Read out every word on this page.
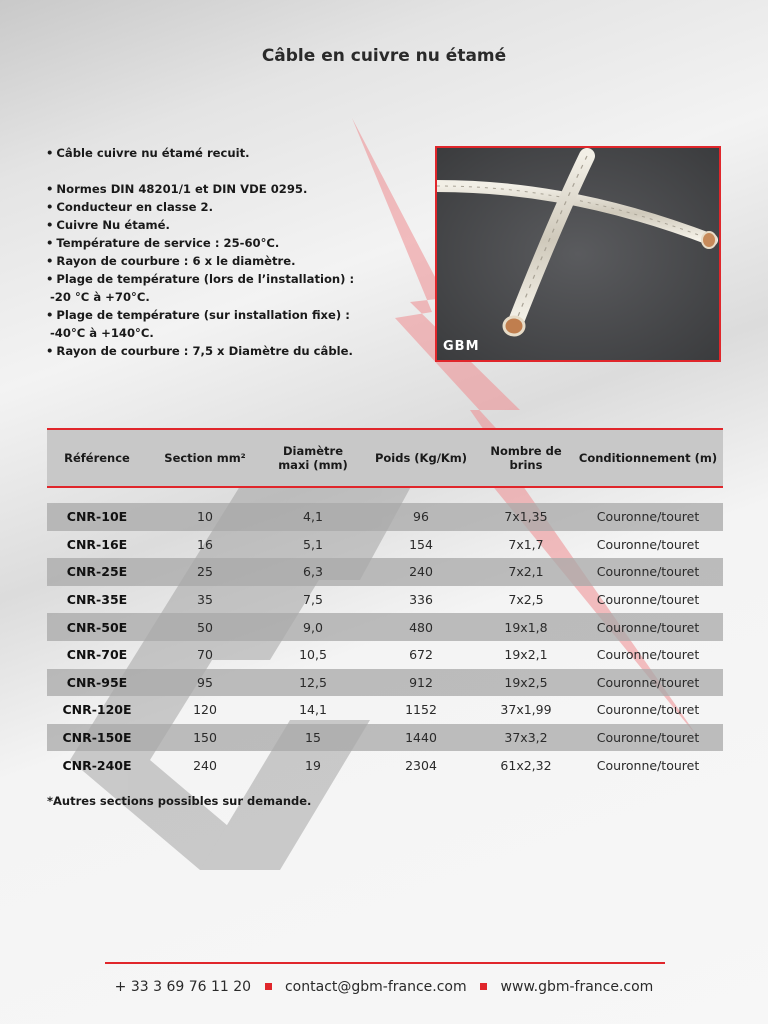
Câble en cuivre nu étamé
• Câble cuivre nu étamé recuit.
• Normes DIN 48201/1 et DIN VDE 0295.
• Conducteur en classe 2.
• Cuivre Nu étamé.
• Température de service : 25-60°C.
• Rayon de courbure : 6 x le diamètre.
• Plage de température (lors de l’installation) :
-20 °C à +70°C.
• Plage de température (sur installation fixe) :
-40°C à +140°C.
• Rayon de courbure : 7,5 x Diamètre du câble.	GBM
Référence	Section mm²	Diamètre maxi (mm)	Poids (Kg/Km)	Nombre de brins	Conditionnement (m)

CNR-10E	10	4,1	96	7x1,35	Couronne/touret
CNR-16E	16	5,1	154	7x1,7	Couronne/touret
CNR-25E	25	6,3	240	7x2,1	Couronne/touret
CNR-35E	35	7,5	336	7x2,5	Couronne/touret
CNR-50E	50	9,0	480	19x1,8	Couronne/touret
CNR-70E	70	10,5	672	19x2,1	Couronne/touret
CNR-95E	95	12,5	912	19x2,5	Couronne/touret
CNR-120E	120	14,1	1152	37x1,99	Couronne/touret
CNR-150E	150	15	1440	37x3,2	Couronne/touret
CNR-240E	240	19	2304	61x2,32	Couronne/touret
*Autres sections possibles sur demande.
+ 33 3 69 76 11 20 contact@gbm-france.com www.gbm-france.com
